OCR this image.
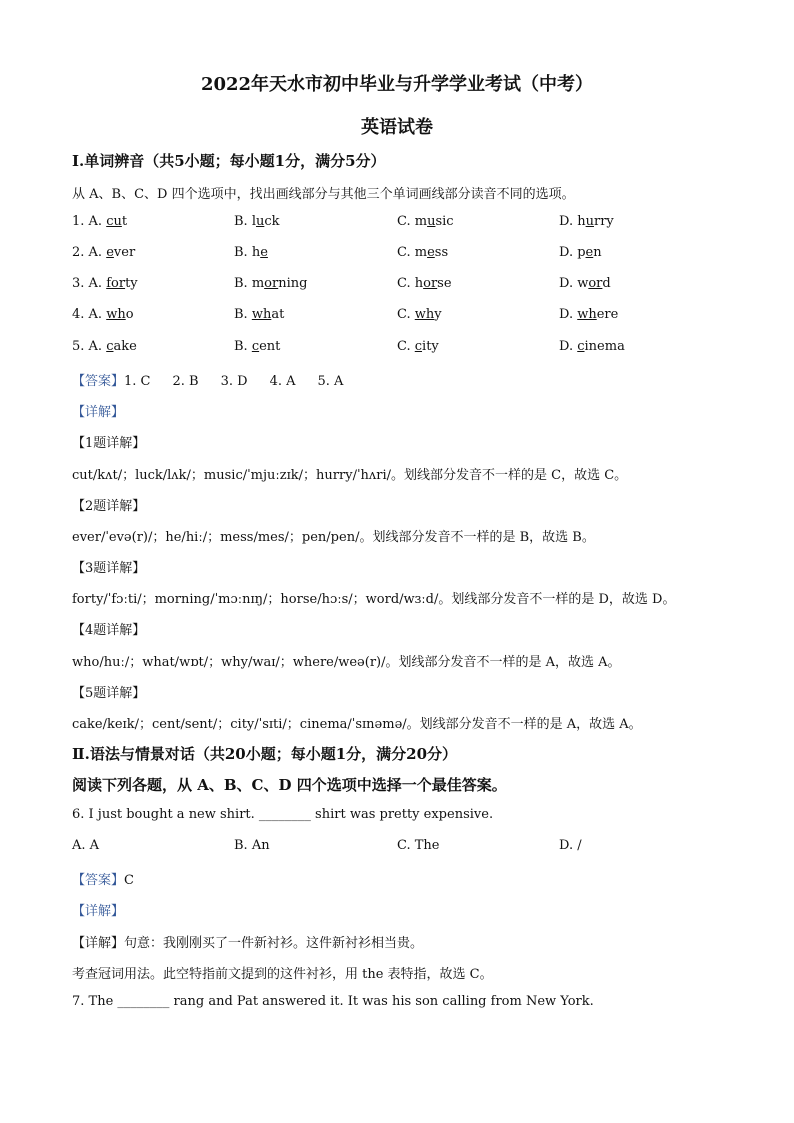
2022年天水市初中毕业与升学学业考试（中考）
英语试卷
Ⅰ.单词辨音（共5小题；每小题1分，满分5分）
从 A、B、C、D 四个选项中，找出画线部分与其他三个单词画线部分读音不同的选项。
1. A. cut	B. luck	C. music	D. hurry
2. A. ever	B. he	C. mess	D. pen
3. A. forty	B. morning	C. horse	D. word
4. A. who	B. what	C. why	D. where
5. A. cake	B. cent	C. city	D. cinema
【答案】1. C 2. B 3. D 4. A 5. A
【详解】
【1题详解】
cut/kʌt/；luck/lʌk/；music/ˈmjuːzɪk/；hurry/ˈhʌri/。划线部分发音不一样的是 C，故选 C。
【2题详解】
ever/ˈevə(r)/；he/hiː/；mess/mes/；pen/pen/。划线部分发音不一样的是 B，故选 B。
【3题详解】
forty/ˈfɔːti/；morning/ˈmɔːnɪŋ/；horse/hɔːs/；word/wɜːd/。划线部分发音不一样的是 D，故选 D。
【4题详解】
who/huː/；what/wɒt/；why/waɪ/；where/weə(r)/。划线部分发音不一样的是 A，故选 A。
【5题详解】
cake/keɪk/；cent/sent/；city/ˈsɪti/；cinema/ˈsɪnəmə/。划线部分发音不一样的是 A，故选 A。
Ⅱ.语法与情景对话（共20小题；每小题1分，满分20分）
阅读下列各题，从 A、B、C、D 四个选项中选择一个最佳答案。
6. I just bought a new shirt. ________ shirt was pretty expensive.
A. A	B. An	C. The	D. /
【答案】C
【详解】
【详解】句意：我刚刚买了一件新衬衫。这件新衬衫相当贵。
考查冠词用法。此空特指前文提到的这件衬衫，用 the 表特指，故选 C。
7. The ________ rang and Pat answered it. It was his son calling from New York.
